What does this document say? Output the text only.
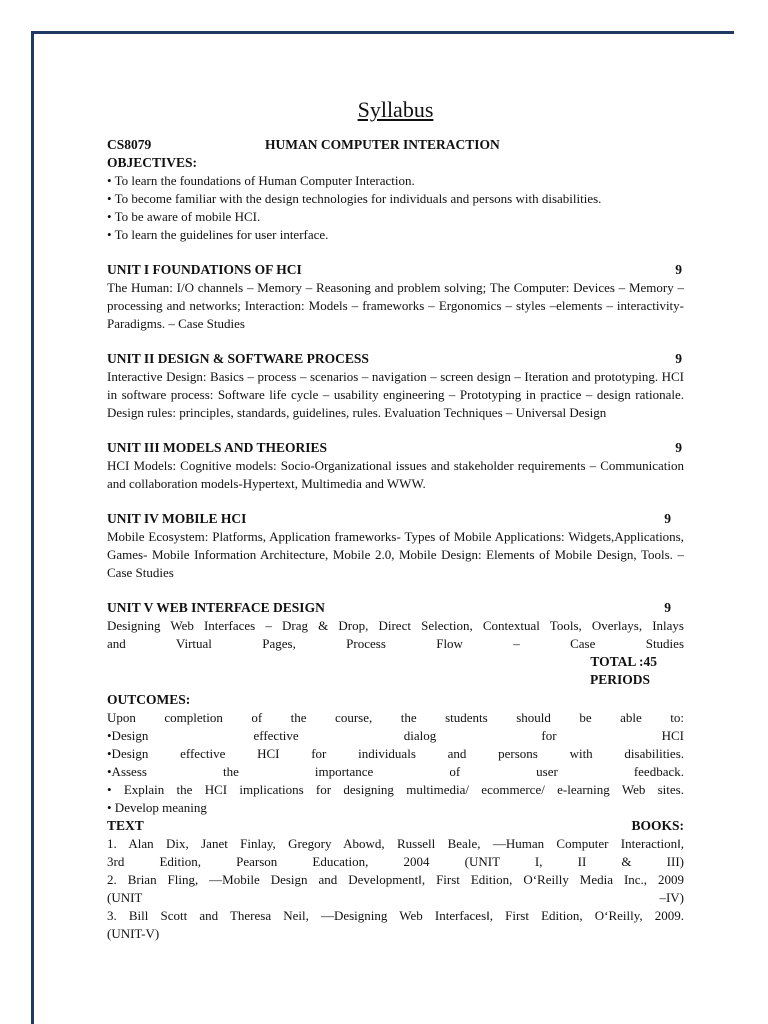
Syllabus
CS8079	HUMAN COMPUTER INTERACTION
OBJECTIVES:
• To learn the foundations of Human Computer Interaction.
• To become familiar with the design technologies for individuals and persons with disabilities.
• To be aware of mobile HCI.
• To learn the guidelines for user interface.
UNIT I FOUNDATIONS OF HCI	9
The Human: I/O channels – Memory – Reasoning and problem solving; The Computer: Devices – Memory – processing and networks; Interaction: Models – frameworks – Ergonomics – styles –elements – interactivity- Paradigms. – Case Studies
UNIT II DESIGN & SOFTWARE PROCESS	9
Interactive Design: Basics – process – scenarios – navigation – screen design – Iteration and prototyping. HCI in software process: Software life cycle – usability engineering – Prototyping in practice – design rationale. Design rules: principles, standards, guidelines, rules. Evaluation Techniques – Universal Design
UNIT III MODELS AND THEORIES	9
HCI Models: Cognitive models: Socio-Organizational issues and stakeholder requirements – Communication and collaboration models-Hypertext, Multimedia and WWW.
UNIT IV MOBILE HCI	9
Mobile Ecosystem: Platforms, Application frameworks- Types of Mobile Applications: Widgets,Applications, Games- Mobile Information Architecture, Mobile 2.0, Mobile Design: Elements of Mobile Design, Tools. – Case Studies
UNIT V WEB INTERFACE DESIGN	9
Designing Web Interfaces – Drag & Drop, Direct Selection, Contextual Tools, Overlays, Inlays
and Virtual Pages, Process Flow – Case Studies
TOTAL :45
PERIODS
OUTCOMES:
Upon completion of the course, the students should be able to:
•Design effective dialog for HCI
•Design effective HCI for individuals and persons with disabilities.
•Assess the importance of user feedback.
• Explain the HCI implications for designing multimedia/ ecommerce/ e-learning Web sites.
• Develop meaning
TEXT	BOOKS:
1. Alan Dix, Janet Finlay, Gregory Abowd, Russell Beale, ―Human Computer Interaction‖,
3rd Edition, Pearson Education, 2004 (UNIT I, II & III)
2. Brian Fling, ―Mobile Design and Development‖, First Edition, O‘Reilly Media Inc., 2009
(UNIT –IV)
3. Bill Scott and Theresa Neil, ―Designing Web Interfaces‖, First Edition, O‘Reilly, 2009.
(UNIT-V)
